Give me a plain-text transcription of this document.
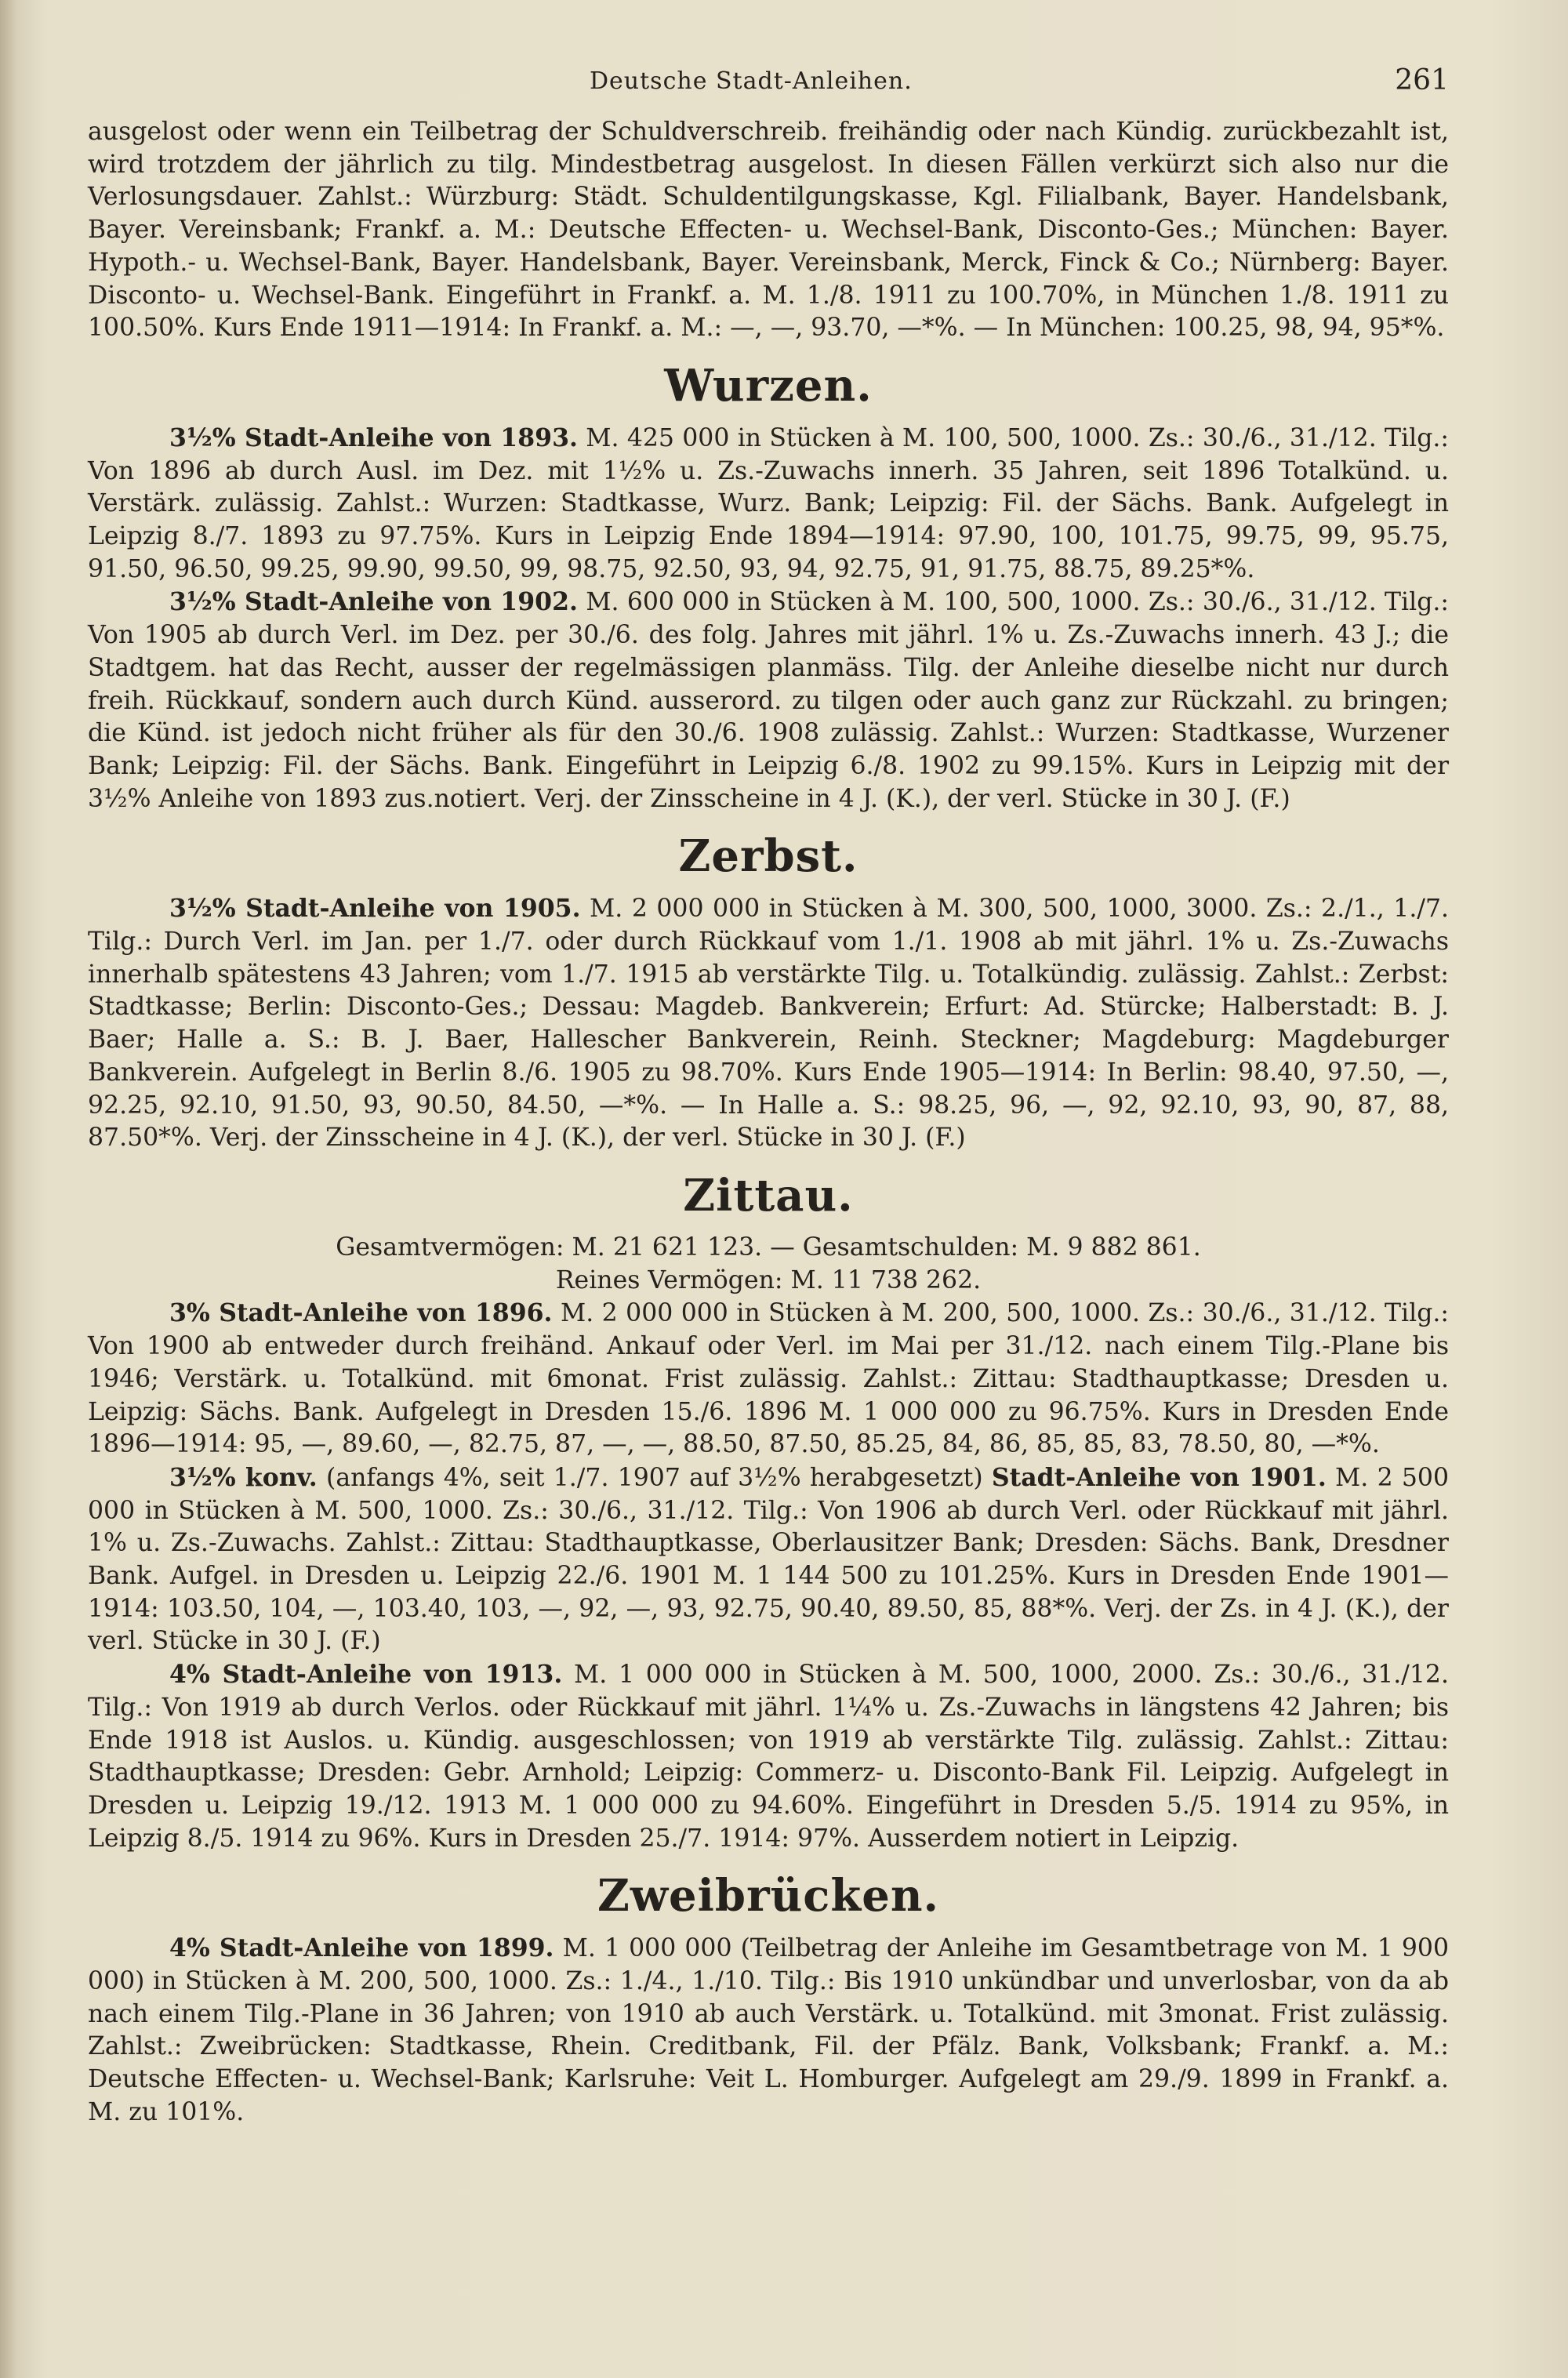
Deutsche Stadt-Anleihen.	261

ausgelost oder wenn ein Teilbetrag der Schuldverschreib. freihändig oder nach Kündig. zurückbezahlt ist, wird trotzdem der jährlich zu tilg. Mindestbetrag ausgelost. In diesen Fällen verkürzt sich also nur die Verlosungsdauer. Zahlst.: Würzburg: Städt. Schuldentilgungskasse, Kgl. Filialbank, Bayer. Handelsbank, Bayer. Vereinsbank; Frankf. a. M.: Deutsche Effecten- u. Wechsel-Bank, Disconto-Ges.; München: Bayer. Hypoth.- u. Wechsel-Bank, Bayer. Handelsbank, Bayer. Vereinsbank, Merck, Finck & Co.; Nürnberg: Bayer. Disconto- u. Wechsel-Bank. Eingeführt in Frankf. a. M. 1./8. 1911 zu 100.70%, in München 1./8. 1911 zu 100.50%. Kurs Ende 1911—1914: In Frankf. a. M.: —, —, 93.70, —*%. — In München: 100.25, 98, 94, 95*%.

Wurzen.

3½% Stadt-Anleihe von 1893. M. 425 000 in Stücken à M. 100, 500, 1000. Zs.: 30./6., 31./12. Tilg.: Von 1896 ab durch Ausl. im Dez. mit 1½% u. Zs.-Zuwachs innerh. 35 Jahren, seit 1896 Totalkünd. u. Verstärk. zulässig. Zahlst.: Wurzen: Stadtkasse, Wurz. Bank; Leipzig: Fil. der Sächs. Bank. Aufgelegt in Leipzig 8./7. 1893 zu 97.75%. Kurs in Leipzig Ende 1894—1914: 97.90, 100, 101.75, 99.75, 99, 95.75, 91.50, 96.50, 99.25, 99.90, 99.50, 99, 98.75, 92.50, 93, 94, 92.75, 91, 91.75, 88.75, 89.25*%.

3½% Stadt-Anleihe von 1902. M. 600 000 in Stücken à M. 100, 500, 1000. Zs.: 30./6., 31./12. Tilg.: Von 1905 ab durch Verl. im Dez. per 30./6. des folg. Jahres mit jährl. 1% u. Zs.-Zuwachs innerh. 43 J.; die Stadtgem. hat das Recht, ausser der regelmässigen planmäss. Tilg. der Anleihe dieselbe nicht nur durch freih. Rückkauf, sondern auch durch Künd. ausserord. zu tilgen oder auch ganz zur Rückzahl. zu bringen; die Künd. ist jedoch nicht früher als für den 30./6. 1908 zulässig. Zahlst.: Wurzen: Stadtkasse, Wurzener Bank; Leipzig: Fil. der Sächs. Bank. Eingeführt in Leipzig 6./8. 1902 zu 99.15%. Kurs in Leipzig mit der 3½% Anleihe von 1893 zus.notiert. Verj. der Zinsscheine in 4 J. (K.), der verl. Stücke in 30 J. (F.)

Zerbst.

3½% Stadt-Anleihe von 1905. M. 2 000 000 in Stücken à M. 300, 500, 1000, 3000. Zs.: 2./1., 1./7. Tilg.: Durch Verl. im Jan. per 1./7. oder durch Rückkauf vom 1./1. 1908 ab mit jährl. 1% u. Zs.-Zuwachs innerhalb spätestens 43 Jahren; vom 1./7. 1915 ab verstärkte Tilg. u. Totalkündig. zulässig. Zahlst.: Zerbst: Stadtkasse; Berlin: Disconto-Ges.; Dessau: Magdeb. Bankverein; Erfurt: Ad. Stürcke; Halberstadt: B. J. Baer; Halle a. S.: B. J. Baer, Hallescher Bankverein, Reinh. Steckner; Magdeburg: Magdeburger Bankverein. Aufgelegt in Berlin 8./6. 1905 zu 98.70%. Kurs Ende 1905—1914: In Berlin: 98.40, 97.50, —, 92.25, 92.10, 91.50, 93, 90.50, 84.50, —*%. — In Halle a. S.: 98.25, 96, —, 92, 92.10, 93, 90, 87, 88, 87.50*%. Verj. der Zinsscheine in 4 J. (K.), der verl. Stücke in 30 J. (F.)

Zittau.

Gesamtvermögen: M. 21 621 123. — Gesamtschulden: M. 9 882 861.

Reines Vermögen: M. 11 738 262.

3% Stadt-Anleihe von 1896. M. 2 000 000 in Stücken à M. 200, 500, 1000. Zs.: 30./6., 31./12. Tilg.: Von 1900 ab entweder durch freihänd. Ankauf oder Verl. im Mai per 31./12. nach einem Tilg.-Plane bis 1946; Verstärk. u. Totalkünd. mit 6monat. Frist zulässig. Zahlst.: Zittau: Stadthauptkasse; Dresden u. Leipzig: Sächs. Bank. Aufgelegt in Dresden 15./6. 1896 M. 1 000 000 zu 96.75%. Kurs in Dresden Ende 1896—1914: 95, —, 89.60, —, 82.75, 87, —, —, 88.50, 87.50, 85.25, 84, 86, 85, 85, 83, 78.50, 80, —*%.

3½% konv. (anfangs 4%, seit 1./7. 1907 auf 3½% herabgesetzt) Stadt-Anleihe von 1901. M. 2 500 000 in Stücken à M. 500, 1000. Zs.: 30./6., 31./12. Tilg.: Von 1906 ab durch Verl. oder Rückkauf mit jährl. 1% u. Zs.-Zuwachs. Zahlst.: Zittau: Stadthauptkasse, Oberlausitzer Bank; Dresden: Sächs. Bank, Dresdner Bank. Aufgel. in Dresden u. Leipzig 22./6. 1901 M. 1 144 500 zu 101.25%. Kurs in Dresden Ende 1901—1914: 103.50, 104, —, 103.40, 103, —, 92, —, 93, 92.75, 90.40, 89.50, 85, 88*%. Verj. der Zs. in 4 J. (K.), der verl. Stücke in 30 J. (F.)

4% Stadt-Anleihe von 1913. M. 1 000 000 in Stücken à M. 500, 1000, 2000. Zs.: 30./6., 31./12. Tilg.: Von 1919 ab durch Verlos. oder Rückkauf mit jährl. 1¼% u. Zs.-Zuwachs in längstens 42 Jahren; bis Ende 1918 ist Auslos. u. Kündig. ausgeschlossen; von 1919 ab verstärkte Tilg. zulässig. Zahlst.: Zittau: Stadthauptkasse; Dresden: Gebr. Arnhold; Leipzig: Commerz- u. Disconto-Bank Fil. Leipzig. Aufgelegt in Dresden u. Leipzig 19./12. 1913 M. 1 000 000 zu 94.60%. Eingeführt in Dresden 5./5. 1914 zu 95%, in Leipzig 8./5. 1914 zu 96%. Kurs in Dresden 25./7. 1914: 97%. Ausserdem notiert in Leipzig.

Zweibrücken.

4% Stadt-Anleihe von 1899. M. 1 000 000 (Teilbetrag der Anleihe im Gesamtbetrage von M. 1 900 000) in Stücken à M. 200, 500, 1000. Zs.: 1./4., 1./10. Tilg.: Bis 1910 unkündbar und unverlosbar, von da ab nach einem Tilg.-Plane in 36 Jahren; von 1910 ab auch Verstärk. u. Totalkünd. mit 3monat. Frist zulässig. Zahlst.: Zweibrücken: Stadtkasse, Rhein. Creditbank, Fil. der Pfälz. Bank, Volksbank; Frankf. a. M.: Deutsche Effecten- u. Wechsel-Bank; Karlsruhe: Veit L. Homburger. Aufgelegt am 29./9. 1899 in Frankf. a. M. zu 101%.
